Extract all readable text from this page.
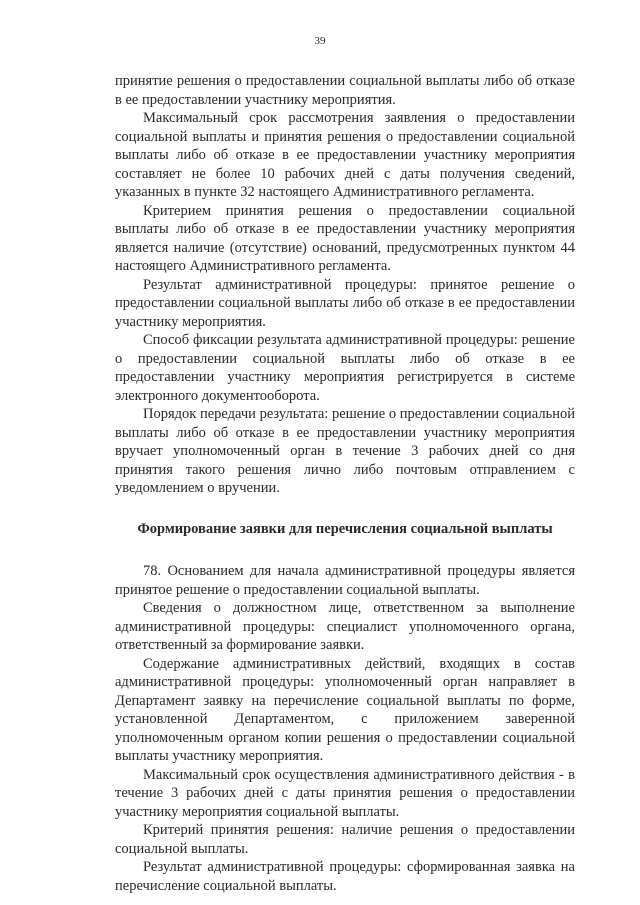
39

принятие решения о предоставлении социальной выплаты либо об отказе в ее предоставлении участнику мероприятия.

Максимальный срок рассмотрения заявления о предоставлении социальной выплаты и принятия решения о предоставлении социальной выплаты либо об отказе в ее предоставлении участнику мероприятия составляет не более 10 рабочих дней с даты получения сведений, указанных в пункте 32 настоящего Административного регламента.

Критерием принятия решения о предоставлении социальной выплаты либо об отказе в ее предоставлении участнику мероприятия является наличие (отсутствие) оснований, предусмотренных пунктом 44 настоящего Административного регламента.

Результат административной процедуры: принятое решение о предоставлении социальной выплаты либо об отказе в ее предоставлении участнику мероприятия.

Способ фиксации результата административной процедуры: решение о предоставлении социальной выплаты либо об отказе в ее предоставлении участнику мероприятия регистрируется в системе электронного документооборота.

Порядок передачи результата: решение о предоставлении социальной выплаты либо об отказе в ее предоставлении участнику мероприятия вручает уполномоченный орган в течение 3 рабочих дней со дня принятия такого решения лично либо почтовым отправлением с уведомлением о вручении.

Формирование заявки для перечисления социальной выплаты

78. Основанием для начала административной процедуры является принятое решение о предоставлении социальной выплаты.

Сведения о должностном лице, ответственном за выполнение административной процедуры: специалист уполномоченного органа, ответственный за формирование заявки.

Содержание административных действий, входящих в состав административной процедуры: уполномоченный орган направляет в Департамент заявку на перечисление социальной выплаты по форме, установленной Департаментом, с приложением заверенной уполномоченным органом копии решения о предоставлении социальной выплаты участнику мероприятия.

Максимальный срок осуществления административного действия - в течение 3 рабочих дней с даты принятия решения о предоставлении участнику мероприятия социальной выплаты.

Критерий принятия решения: наличие решения о предоставлении социальной выплаты.

Результат административной процедуры: сформированная заявка на перечисление социальной выплаты.
